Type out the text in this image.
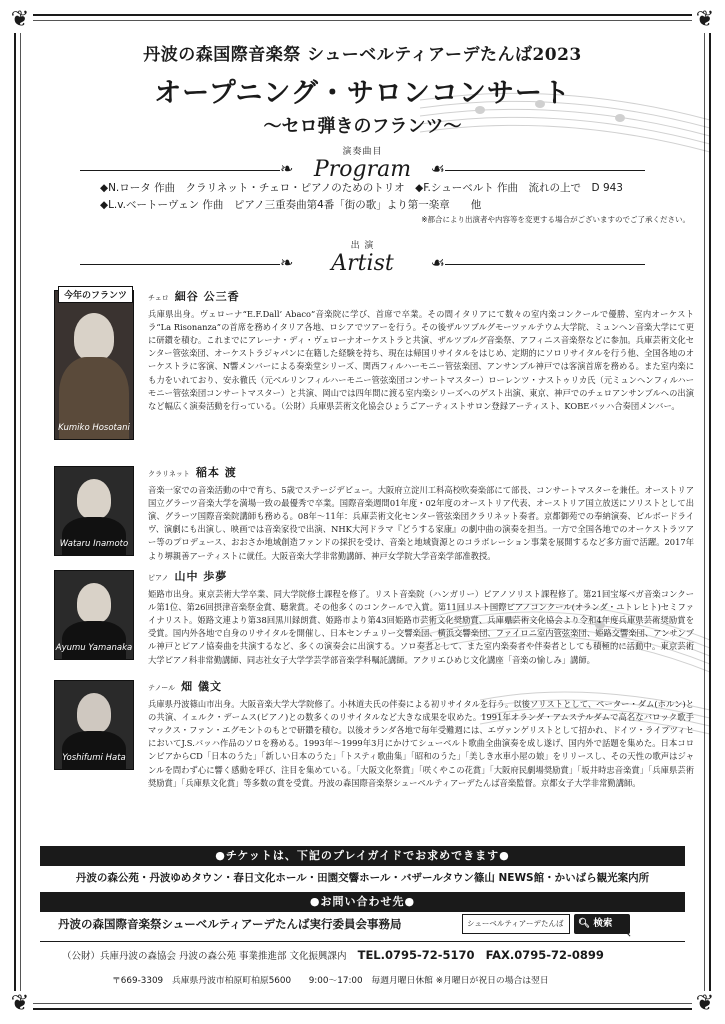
❦	❦
❦	❦
丹波の森国際音楽祭 シューベルティアーデたんば2023
オープニング・サロンコンサート
〜セロ弾きのフランツ〜
演奏曲目
❧ Program ☙
◆N.ロータ 作曲　クラリネット・チェロ・ピアノのためのトリオ　◆F.シューベルト 作曲　流れの上で　D 943
◆L.v.ベートーヴェン 作曲　ピアノ三重奏曲第4番「街の歌」より第一楽章　　他
※都合により出演者や内容等を変更する場合がございますのでご了承ください。
出 演
❧ Artist ☙
Kumiko Hosotani
今年のフランツ	チェロ 細谷 公三香
兵庫県出身。ヴェローナ“E.F.Dall’ Abaco”音楽院に学び、首席で卒業。その間イタリアにて数々の室内楽コンクールで優勝、室内オーケストラ“La Risonanza”の首席を務めイタリア各地、ロシアでツアーを行う。その後ザルツブルグモーツァルテウム大学院、ミュンヘン音楽大学にて更に研鑽を積む。これまでにアレーナ・ディ・ヴェローナオーケストラと共演、ザルツブルグ音楽祭、アフィニス音楽祭などに参加。兵庫芸術文化センター管弦楽団、オーケストラジャパンに在籍した経験を持ち、現在は帰国リサイタルをはじめ、定期的にソロリサイタルを行う他、全国各地のオーケストラに客演、N響メンバーによる奏楽堂シリーズ、関西フィルハーモニー管弦楽団、アンサンブル神戸では客演首席を務める。また室内楽にも力をいれており、安永徹氏（元ベルリンフィルハーモニー管弦楽団コンサートマスター）ローレンツ・ナストゥリカ氏（元ミュンヘンフィルハーモニー管弦楽団コンサートマスター）と共演、岡山では四年間に渡る室内楽シリーズへのゲスト出演、東京、神戸でのチェロアンサンブルへの出演など幅広く演奏活動を行っている。（公財）兵庫県芸術文化協会ひょうごアーティストサロン登録アーティスト、KOBEバッハ合奏団メンバー。
Wataru Inamoto
クラリネット 稲本 渡
音楽一家での音楽活動の中で育ち、5歳でステージデビュー。大阪府立淀川工科高校吹奏楽部にて部長、コンサートマスターを兼任。オーストリア国立グラーツ音楽大学を満場一致の最優秀で卒業。国際音楽週間01年度・02年度のオーストリア代表、オーストリア国立放送にソリストとして出演、グラーツ国際音楽院講師も務める。08年〜11年：兵庫芸術文化センター管弦楽団クラリネット奏者。京都御苑での奉納演奏、ビルボードライヴ、演劇にも出演し、映画では音楽家役で出演、NHK大河ドラマ『どうする家康』の劇中曲の演奏を担当。一方で全国各地でのオーケストラツアー等のプロデュース、おおさか地域創造ファンドの採択を受け、音楽と地域資源とのコラボレーション事業を展開するなど多方面で活躍。2017年より堺親善アーティストに就任。大阪音楽大学非常勤講師、神戸女学院大学音楽学部准教授。
Ayumu Yamanaka
ピアノ 山中 歩夢
姫路市出身。東京芸術大学卒業、同大学院修士課程を修了。リスト音楽院（ハンガリー）ピアノソリスト課程修了。第21回宝塚ベガ音楽コンクール第1位、第26回摂津音楽祭金賞、聴衆賞。その他多くのコンクールで入賞。第11回リスト国際ピアノコンクール(オランダ・ユトレヒト)セミファイナリスト。姫路文連より第38回黒川録朗賞、姫路市より第43回姫路市芸術文化奨励賞、兵庫県芸術文化協会より令和4年度兵庫県芸術奨励賞を受賞。国内外各地で自身のリサイタルを開催し、日本センチュリー交響楽団、横浜交響楽団、ファイロニ室内管弦楽団、姫路交響楽団、アンサンブル神戸とピアノ協奏曲を共演するなど、多くの演奏会に出演する。ソロ奏者として、また室内楽奏者や伴奏者としても積極的に活動中。東京芸術大学ピアノ科非常勤講師、同志社女子大学学芸学部音楽学科嘱託講師。アクリエひめじ文化講座「音楽の愉しみ」講師。
Yoshifumi Hata
テノール 畑 儀文
兵庫県丹波篠山市出身。大阪音楽大学大学院修了。小林道夫氏の伴奏による初リサイタルを行う。以後ソリストとして、ペーター・ダム(ホルン)との共演、イェルク・デームス(ピアノ)との数多くのリサイタルなど大きな成果を収めた。1991年オランダ・アムステルダムで高名なバロック歌手マックス・ファン・エグモントのもとで研鑽を積む。以後オランダ各地で毎年受難週には、エヴァンゲリストとして招かれ、ドイツ・ライプツィヒにおいてJ.S.バッハ作品のソロを務める。1993年〜1999年3月にかけてシューベルト歌曲全曲演奏を成し遂げ、国内外で話題を集めた。日本コロンビアからCD「日本のうた」「新しい日本のうた」「トスティ歌曲集」「昭和のうた」「美しき水車小屋の娘」をリリースし、その天性の歌声はジャンルを問わず心に響く感動を呼び、注目を集めている。「大阪文化祭賞」「咲くやこの花賞」「大阪府民劇場奨励賞」「坂井時忠音楽賞」「兵庫県芸術奨励賞」「兵庫県文化賞」等多数の賞を受賞。丹波の森国際音楽祭シューベルティアーデたんば音楽監督。京都女子大学非常勤講師。
●チケットは、下記のプレイガイドでお求めできます●
丹波の森公苑・丹波ゆめタウン・春日文化ホール・田園交響ホール・バザールタウン篠山 NEWS館・かいばら観光案内所
●お問い合わせ先●
丹波の森国際音楽祭シューベルティアーデたんば実行委員会事務局	シューベルティアーデたんば	🔍︎ 検索
↖
（公財）兵庫丹波の森協会 丹波の森公苑 事業推進部 文化振興課内 TEL.0795-72-5170 FAX.0795-72-0899
〒669-3309　兵庫県丹波市柏原町柏原5600　　9:00〜17:00　毎週月曜日休館 ※月曜日が祝日の場合は翌日
